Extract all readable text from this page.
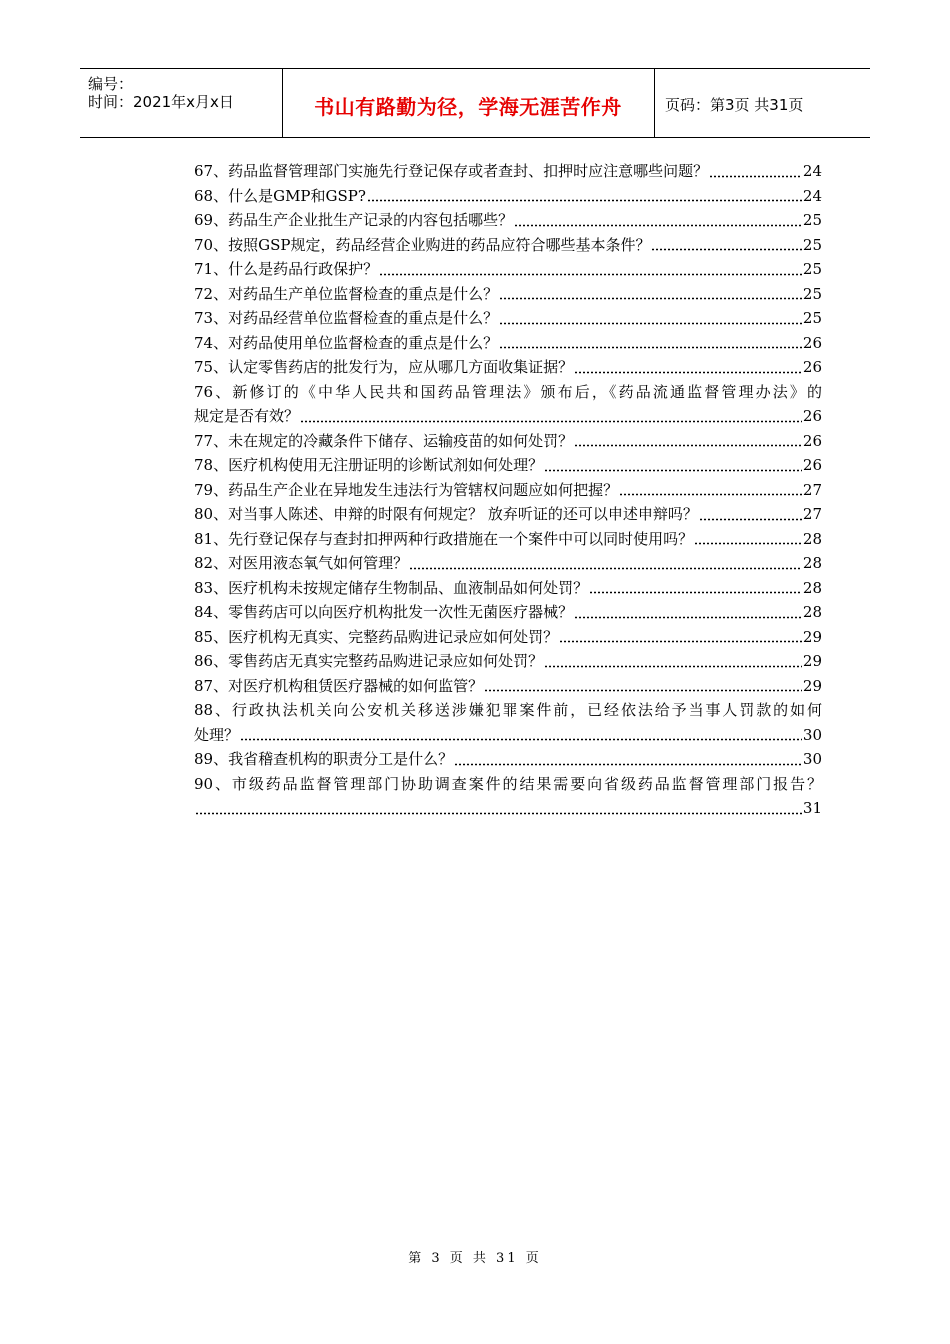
编号：
时间：2021年x月x日	书山有路勤为径，学海无涯苦作舟	页码：第3页 共31页
67、药品监督管理部门实施先行登记保存或者查封、扣押时应注意哪些问题？	24
68、什么是GMP和GSP?	24
69、药品生产企业批生产记录的内容包括哪些？	25
70、按照GSP规定，药品经营企业购进的药品应符合哪些基本条件？	25
71、什么是药品行政保护？	25
72、对药品生产单位监督检查的重点是什么？	25
73、对药品经营单位监督检查的重点是什么？	25
74、对药品使用单位监督检查的重点是什么？	26
75、认定零售药店的批发行为，应从哪几方面收集证据？	26
76、新修订的《中华人民共和国药品管理法》颁布后，《药品流通监督管理办法》的
规定是否有效？	26
77、未在规定的冷藏条件下储存、运输疫苗的如何处罚？	26
78、医疗机构使用无注册证明的诊断试剂如何处理？	26
79、药品生产企业在异地发生违法行为管辖权问题应如何把握？	27
80、对当事人陈述、申辩的时限有何规定？ 放弃听证的还可以申述申辩吗？	27
81、先行登记保存与查封扣押两种行政措施在一个案件中可以同时使用吗？	28
82、对医用液态氧气如何管理？	28
83、医疗机构未按规定储存生物制品、血液制品如何处罚？	28
84、零售药店可以向医疗机构批发一次性无菌医疗器械？	28
85、医疗机构无真实、完整药品购进记录应如何处罚？	29
86、零售药店无真实完整药品购进记录应如何处罚？	29
87、对医疗机构租赁医疗器械的如何监管？	29
88、行政执法机关向公安机关移送涉嫌犯罪案件前，已经依法给予当事人罚款的如何
处理？	30
89、我省稽查机构的职责分工是什么？	30
90、市级药品监督管理部门协助调查案件的结果需要向省级药品监督管理部门报告？
31
第 3 页 共 31 页
